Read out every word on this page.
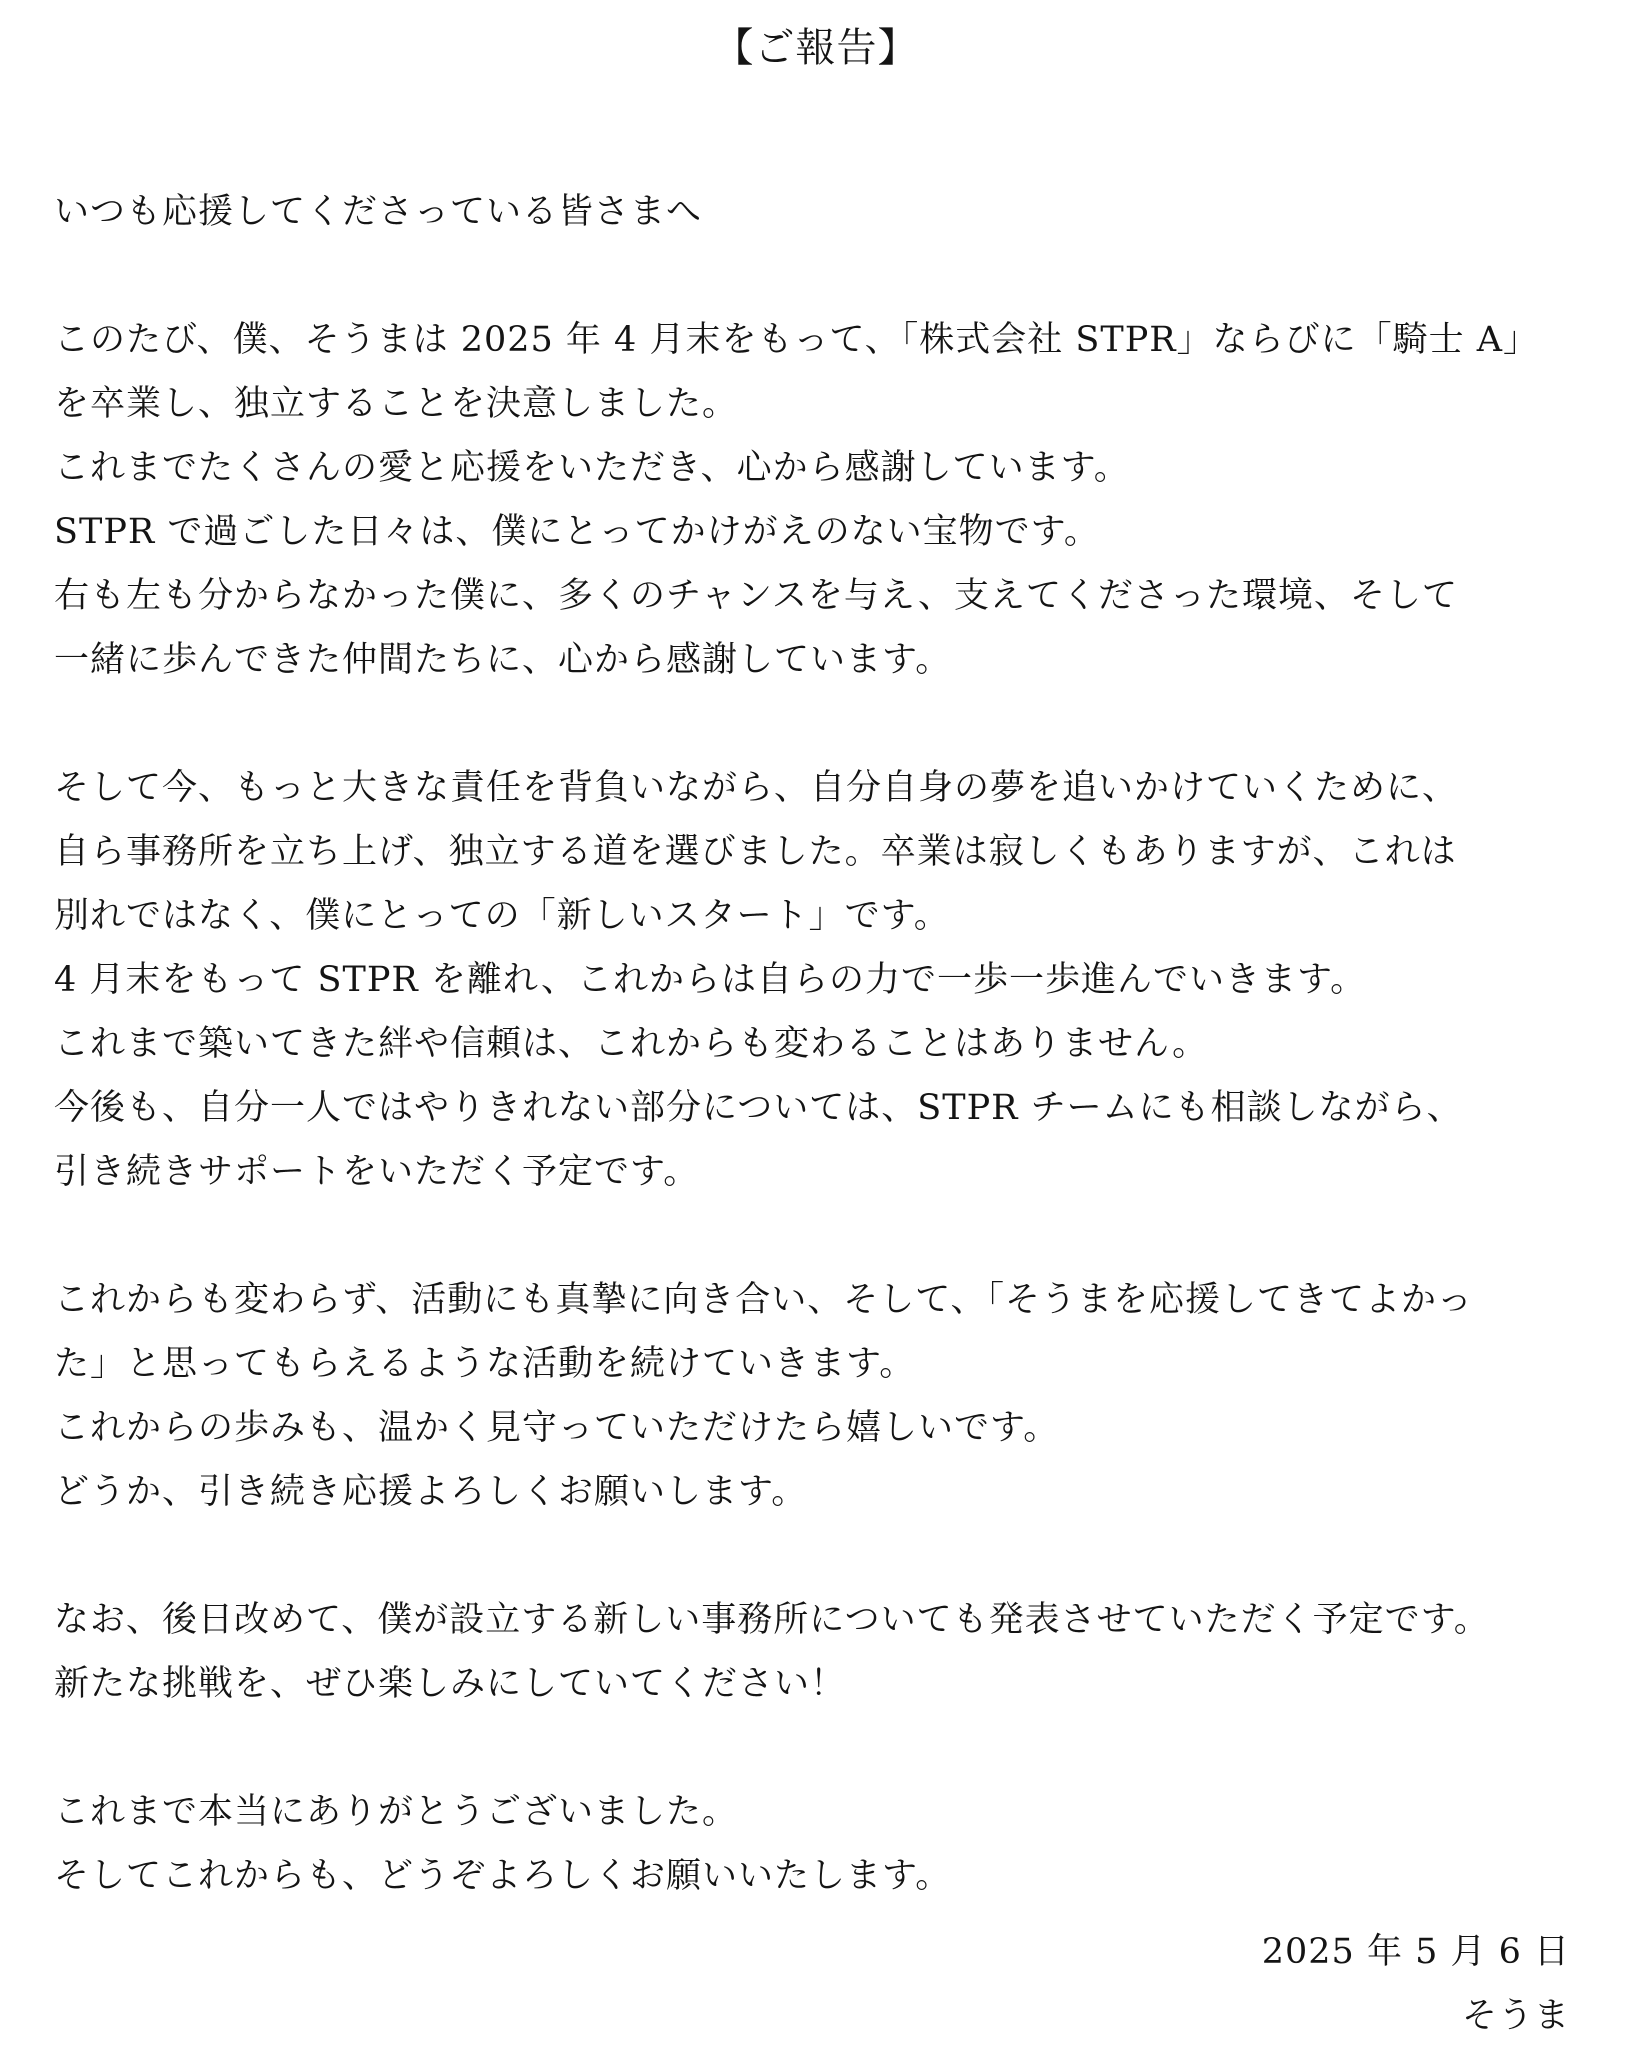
【ご報告】
いつも応援してくださっている皆さまへ
このたび、僕、そうまは 2025 年 4 月末をもって、「株式会社 STPR」ならびに「騎士 A」
を卒業し、独立することを決意しました。
これまでたくさんの愛と応援をいただき、心から感謝しています。
STPR で過ごした日々は、僕にとってかけがえのない宝物です。
右も左も分からなかった僕に、多くのチャンスを与え、支えてくださった環境、そして
一緒に歩んできた仲間たちに、心から感謝しています。
そして今、もっと大きな責任を背負いながら、自分自身の夢を追いかけていくために、
自ら事務所を立ち上げ、独立する道を選びました。卒業は寂しくもありますが、これは
別れではなく、僕にとっての「新しいスタート」です。
4 月末をもって STPR を離れ、これからは自らの力で一歩一歩進んでいきます。
これまで築いてきた絆や信頼は、これからも変わることはありません。
今後も、自分一人ではやりきれない部分については、STPR チームにも相談しながら、
引き続きサポートをいただく予定です。
これからも変わらず、活動にも真摯に向き合い、そして、「そうまを応援してきてよかっ
た」と思ってもらえるような活動を続けていきます。
これからの歩みも、温かく見守っていただけたら嬉しいです。
どうか、引き続き応援よろしくお願いします。
なお、後日改めて、僕が設立する新しい事務所についても発表させていただく予定です。
新たな挑戦を、ぜひ楽しみにしていてください！
これまで本当にありがとうございました。
そしてこれからも、どうぞよろしくお願いいたします。
2025 年 5 月 6 日
そうま
